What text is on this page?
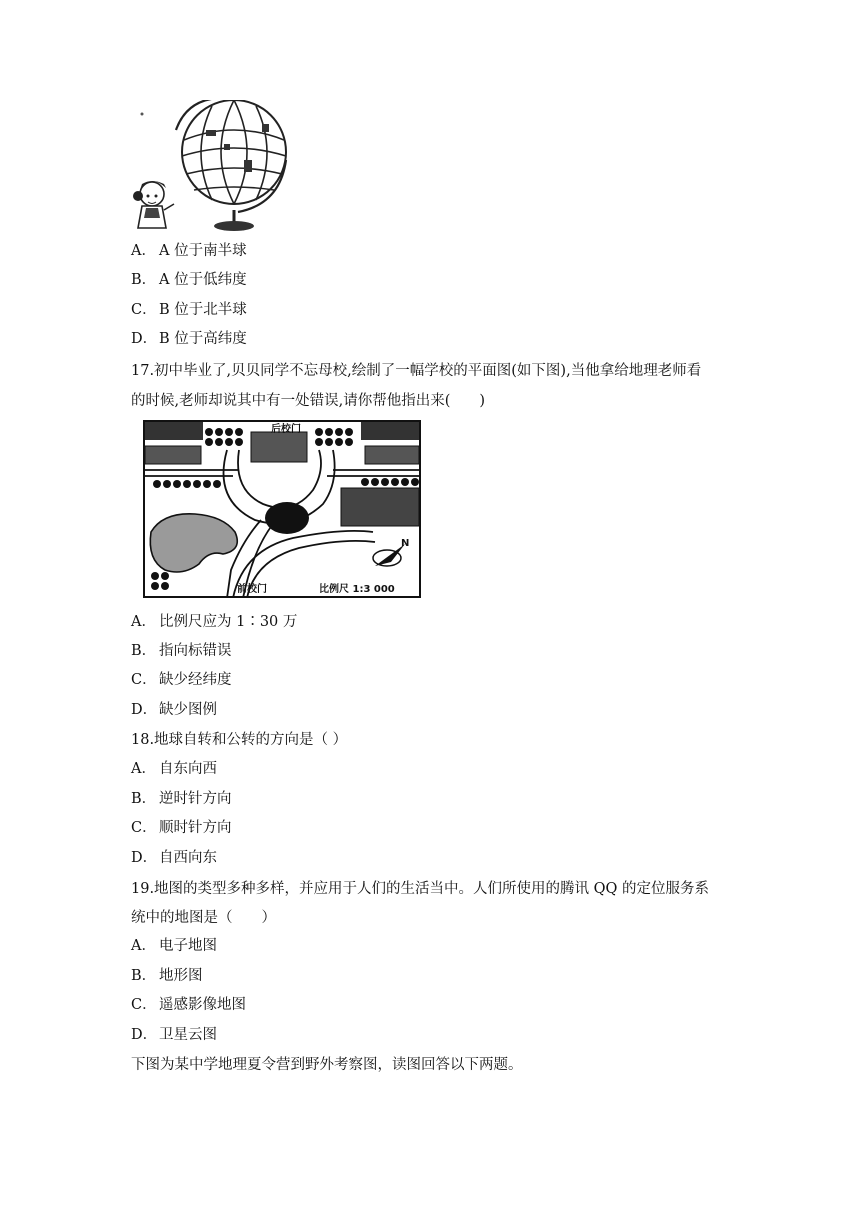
A． A 位于南半球
B． A 位于低纬度
C． B 位于北半球
D． B 位于高纬度
17.初中毕业了,贝贝同学不忘母校,绘制了一幅学校的平面图(如下图),当他拿给地理老师看
的时候,老师却说其中有一处错误,请你帮他指出来(　　)
N
后校门
前校门	比例尺 1:3 000
A． 比例尺应为 1∶30 万
B． 指向标错误
C． 缺少经纬度
D． 缺少图例
18.地球自转和公转的方向是（ ）
A． 自东向西
B． 逆时针方向
C． 顺时针方向
D． 自西向东
19.地图的类型多种多样，并应用于人们的生活当中。人们所使用的腾讯 QQ 的定位服务系
统中的地图是（　　）
A． 电子地图
B． 地形图
C． 遥感影像地图
D． 卫星云图
下图为某中学地理夏令营到野外考察图，读图回答以下两题。
